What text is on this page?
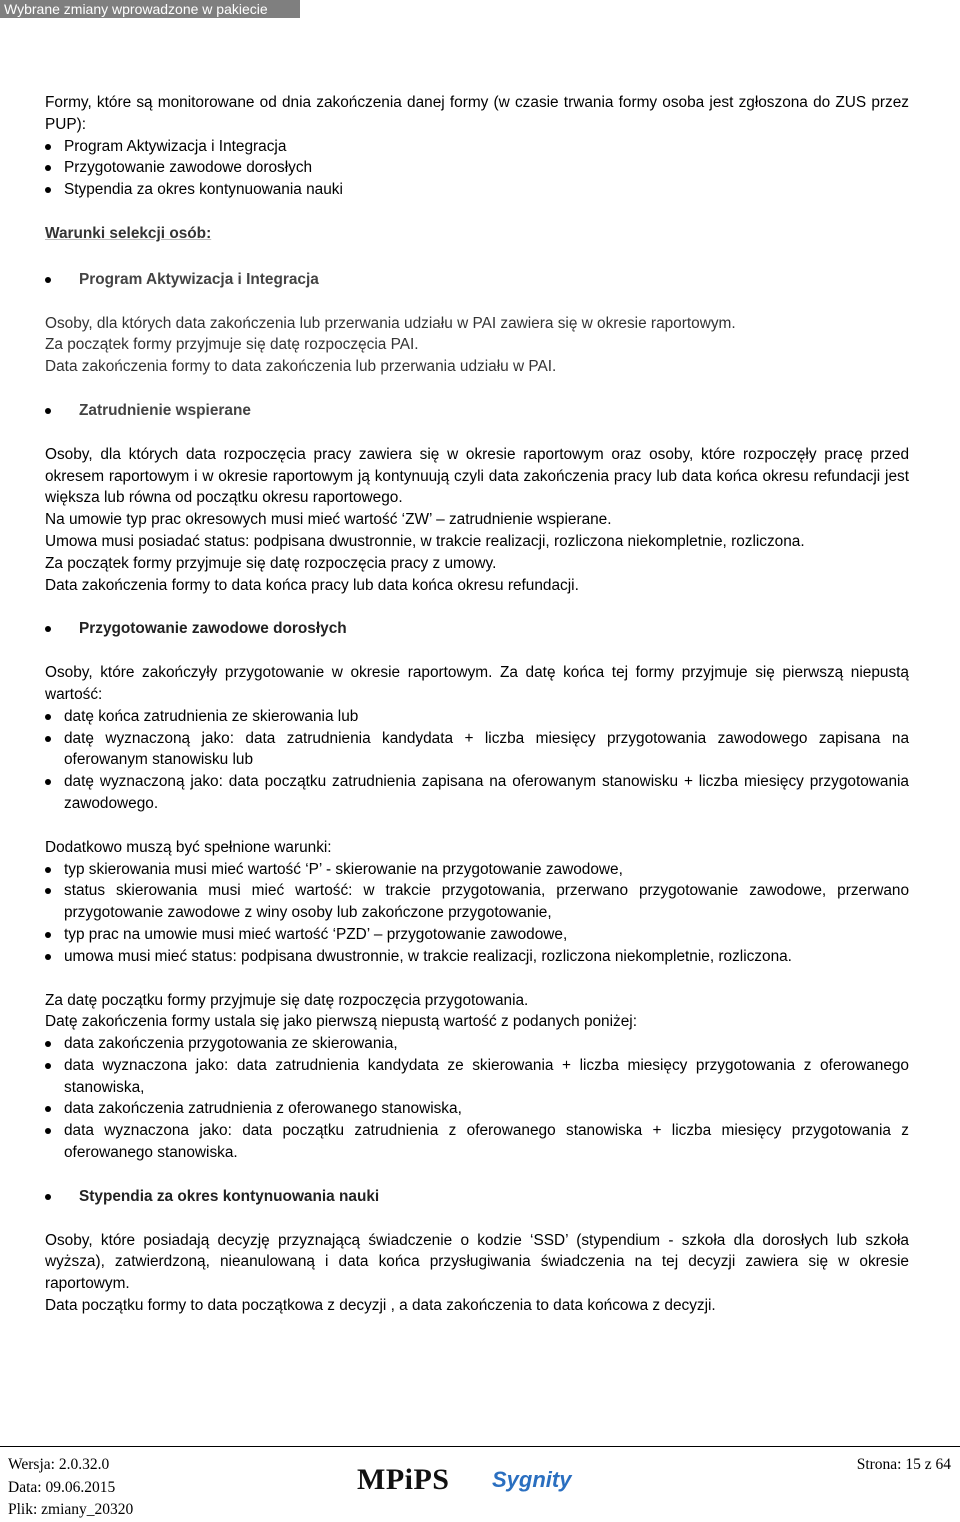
Wybrane zmiany wprowadzone w pakiecie

Formy, które są monitorowane od dnia zakończenia danej formy (w czasie trwania formy osoba jest zgłoszona do ZUS przez PUP):

Program Aktywizacja i Integracja
Przygotowanie zawodowe dorosłych
Stypendia za okres kontynuowania nauki

Warunki selekcji osób:

Program Aktywizacja i Integracja

Osoby, dla których data zakończenia lub przerwania udziału w PAI zawiera się w okresie raportowym.

Za początek formy przyjmuje się datę rozpoczęcia PAI.

Data zakończenia formy to data zakończenia lub przerwania udziału w PAI.

Zatrudnienie wspierane

Osoby, dla których data rozpoczęcia pracy zawiera się w okresie raportowym oraz osoby, które rozpoczęły pracę przed okresem raportowym i w okresie raportowym ją kontynuują czyli data zakończenia pracy lub data końca okresu refundacji jest większa lub równa od początku okresu raportowego.

Na umowie typ prac okresowych musi mieć wartość ‘ZW’ – zatrudnienie wspierane.

Umowa musi posiadać status: podpisana dwustronnie, w trakcie realizacji, rozliczona niekompletnie, rozliczona.

Za początek formy przyjmuje się datę rozpoczęcia pracy z umowy.

Data zakończenia formy to data końca pracy lub data końca okresu refundacji.

Przygotowanie zawodowe dorosłych

Osoby, które zakończyły przygotowanie w okresie raportowym. Za datę końca tej formy przyjmuje się pierwszą niepustą wartość:

datę końca zatrudnienia ze skierowania lub
datę wyznaczoną jako: data zatrudnienia kandydata + liczba miesięcy przygotowania zawodowego zapisana na oferowanym stanowisku lub
datę wyznaczoną jako: data początku zatrudnienia zapisana na oferowanym stanowisku + liczba miesięcy przygotowania zawodowego.

Dodatkowo muszą być spełnione warunki:

typ skierowania musi mieć wartość ‘P’ - skierowanie na przygotowanie zawodowe,
status skierowania musi mieć wartość: w trakcie przygotowania, przerwano przygotowanie zawodowe, przerwano przygotowanie zawodowe z winy osoby lub zakończone przygotowanie,
typ prac na umowie musi mieć wartość ‘PZD’ – przygotowanie zawodowe,
umowa musi mieć status: podpisana dwustronnie, w trakcie realizacji, rozliczona niekompletnie, rozliczona.

Za datę początku formy przyjmuje się datę rozpoczęcia przygotowania.

Datę zakończenia formy ustala się jako pierwszą niepustą wartość z podanych poniżej:

data zakończenia przygotowania ze skierowania,
data wyznaczona jako: data zatrudnienia kandydata ze skierowania + liczba miesięcy przygotowania z oferowanego stanowiska,
data zakończenia zatrudnienia z oferowanego stanowiska,
data wyznaczona jako: data początku zatrudnienia z oferowanego stanowiska + liczba miesięcy przygotowania z oferowanego stanowiska.

Stypendia za okres kontynuowania nauki

Osoby, które posiadają decyzję przyznającą świadczenie o kodzie ‘SSD’ (stypendium - szkoła dla dorosłych lub szkoła wyższa), zatwierdzoną, nieanulowaną i data końca przysługiwania świadczenia na tej decyzji zawiera się w okresie raportowym.

Data początku formy to data początkowa z decyzji , a data zakończenia to data końcowa z decyzji.

Wersja: 2.0.32.0
Data: 09.06.2015
Plik: zmiany_20320
MPiPS Sygnity
Strona: 15 z 64
